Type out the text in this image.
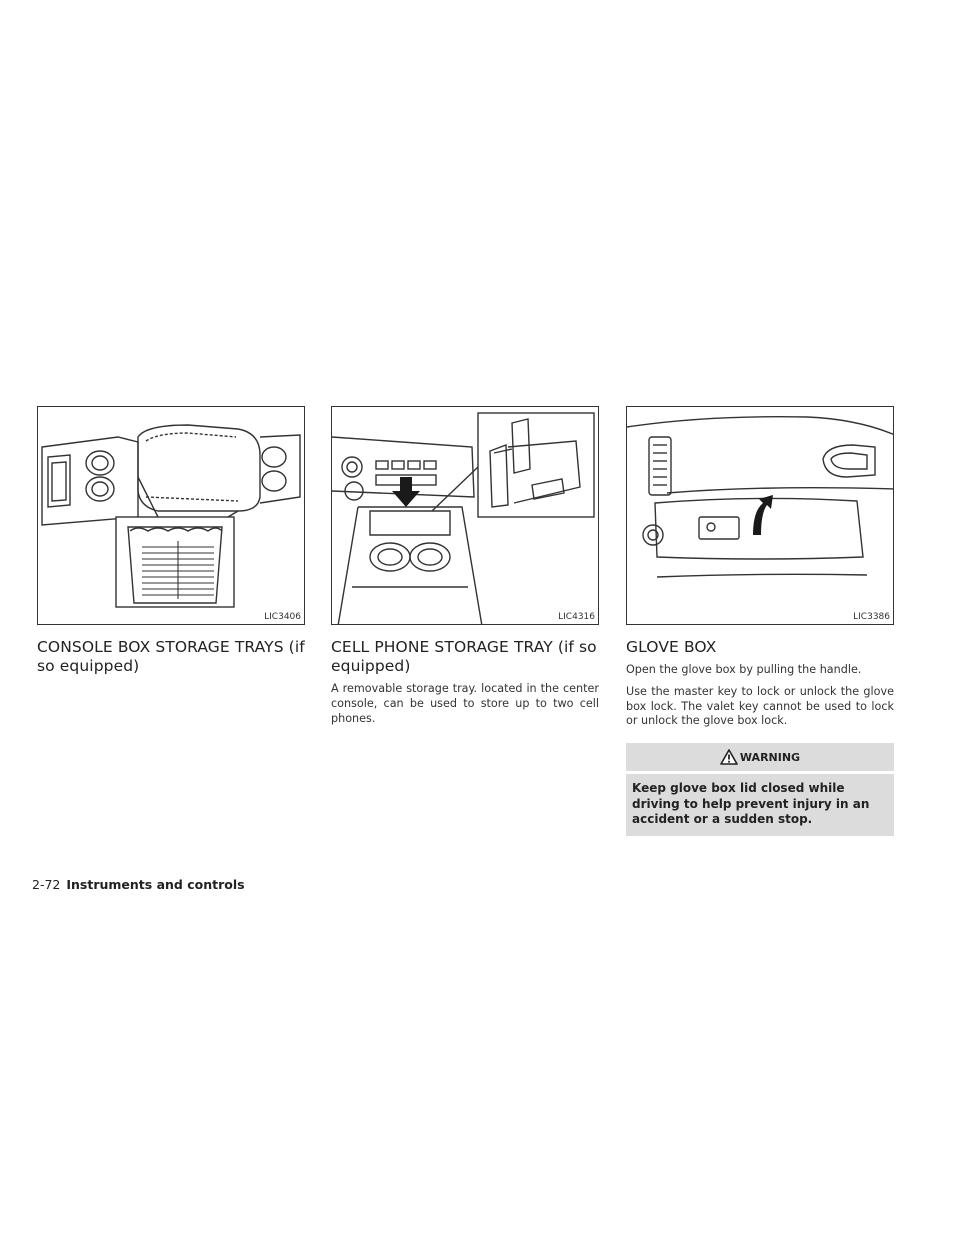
LIC3406
CONSOLE BOX STORAGE TRAYS (if so equipped)
LIC4316
CELL PHONE STORAGE TRAY (if so equipped)

A removable storage tray. located in the center console, can be used to store up to two cell phones.

LIC3386
GLOVE BOX

Open the glove box by pulling the handle.

Use the master key to lock or unlock the glove box lock. The valet key cannot be used to lock or unlock the glove box lock.

WARNING
Keep glove box lid closed while driving to help prevent injury in an accident or a sudden stop.
2-72 Instruments and controls
